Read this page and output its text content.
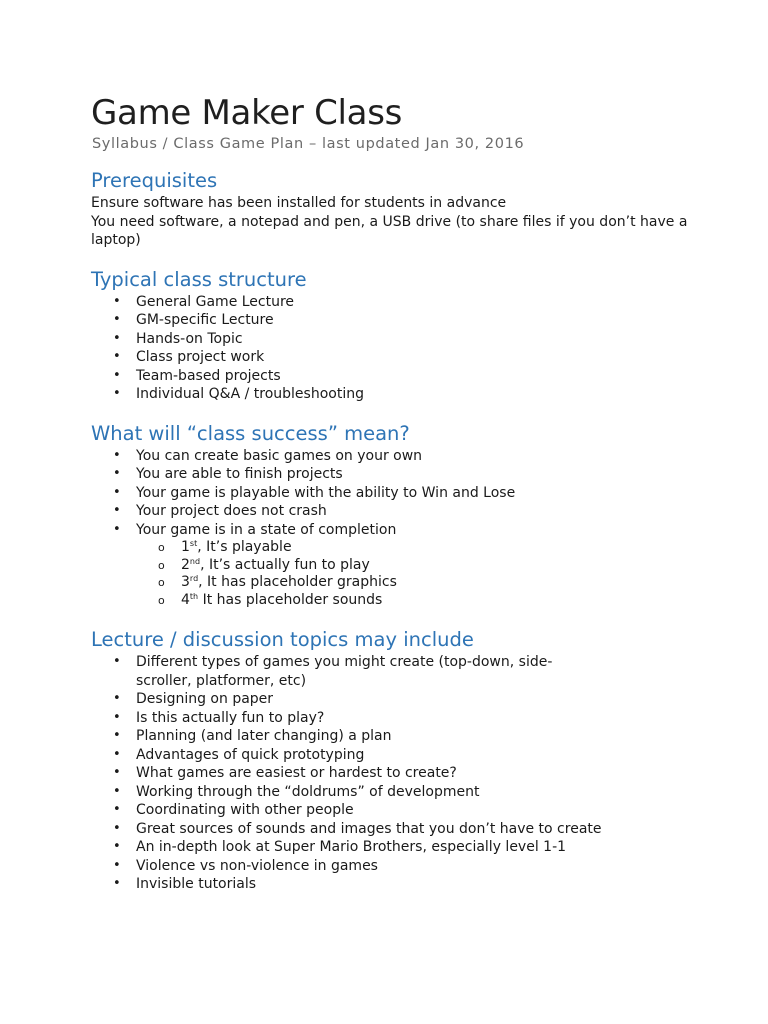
Game Maker Class

Syllabus / Class Game Plan – last updated Jan 30, 2016

Prerequisites

Ensure software has been installed for students in advance

You need software, a notepad and pen, a USB drive (to share files if you don’t have a laptop)

Typical class structure
• General Game Lecture
• GM-specific Lecture
• Hands-on Topic
• Class project work
• Team-based projects
• Individual Q&A / troubleshooting
What will “class success” mean?
• You can create basic games on your own
• You are able to finish projects
• Your game is playable with the ability to Win and Lose
• Your project does not crash
• Your game is in a state of completion
o 1st, It’s playable
o 2nd, It’s actually fun to play
o 3rd, It has placeholder graphics
o 4th It has placeholder sounds
Lecture / discussion topics may include
• Different types of games you might create (top-down, side-scroller, platformer, etc)
• Designing on paper
• Is this actually fun to play?
• Planning (and later changing) a plan
• Advantages of quick prototyping
• What games are easiest or hardest to create?
• Working through the “doldrums” of development
• Coordinating with other people
• Great sources of sounds and images that you don’t have to create
• An in-depth look at Super Mario Brothers, especially level 1-1
• Violence vs non-violence in games
• Invisible tutorials
